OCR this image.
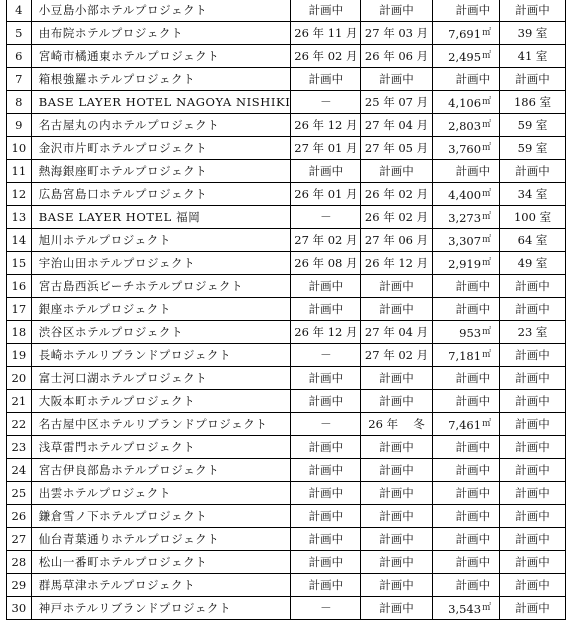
4	小豆島小部ホテルプロジェクト	計画中	計画中	計画中	計画中
5	由布院ホテルプロジェクト	26 年 11 月	27 年 03 月	7,691㎡	39 室
6	宮崎市橘通東ホテルプロジェクト	26 年 02 月	26 年 06 月	2,495㎡	41 室
7	箱根強羅ホテルプロジェクト	計画中	計画中	計画中	計画中
8	BASE LAYER HOTEL NAGOYA NISHIKI	－	25 年 07 月	4,106㎡	186 室
9	名古屋丸の内ホテルプロジェクト	26 年 12 月	27 年 04 月	2,803㎡	59 室
10	金沢市片町ホテルプロジェクト	27 年 01 月	27 年 05 月	3,760㎡	59 室
11	熱海銀座町ホテルプロジェクト	計画中	計画中	計画中	計画中
12	広島宮島口ホテルプロジェクト	26 年 01 月	26 年 02 月	4,400㎡	34 室
13	BASE LAYER HOTEL 福岡	－	26 年 02 月	3,273㎡	100 室
14	旭川ホテルプロジェクト	27 年 02 月	27 年 06 月	3,307㎡	64 室
15	宇治山田ホテルプロジェクト	26 年 08 月	26 年 12 月	2,919㎡	49 室
16	宮古島西浜ビーチホテルプロジェクト	計画中	計画中	計画中	計画中
17	銀座ホテルプロジェクト	計画中	計画中	計画中	計画中
18	渋谷区ホテルプロジェクト	26 年 12 月	27 年 04 月	953㎡	23 室
19	長崎ホテルリブランドプロジェクト	－	27 年 02 月	7,181㎡	計画中
20	富士河口湖ホテルプロジェクト	計画中	計画中	計画中	計画中
21	大阪本町ホテルプロジェクト	計画中	計画中	計画中	計画中
22	名古屋中区ホテルリブランドプロジェクト	－	26 年　 冬	7,461㎡	計画中
23	浅草雷門ホテルプロジェクト	計画中	計画中	計画中	計画中
24	宮古伊良部島ホテルプロジェクト	計画中	計画中	計画中	計画中
25	出雲ホテルプロジェクト	計画中	計画中	計画中	計画中
26	鎌倉雪ノ下ホテルプロジェクト	計画中	計画中	計画中	計画中
27	仙台青葉通りホテルプロジェクト	計画中	計画中	計画中	計画中
28	松山一番町ホテルプロジェクト	計画中	計画中	計画中	計画中
29	群馬草津ホテルプロジェクト	計画中	計画中	計画中	計画中
30	神戸ホテルリブランドプロジェクト	－	計画中	3,543㎡	計画中
